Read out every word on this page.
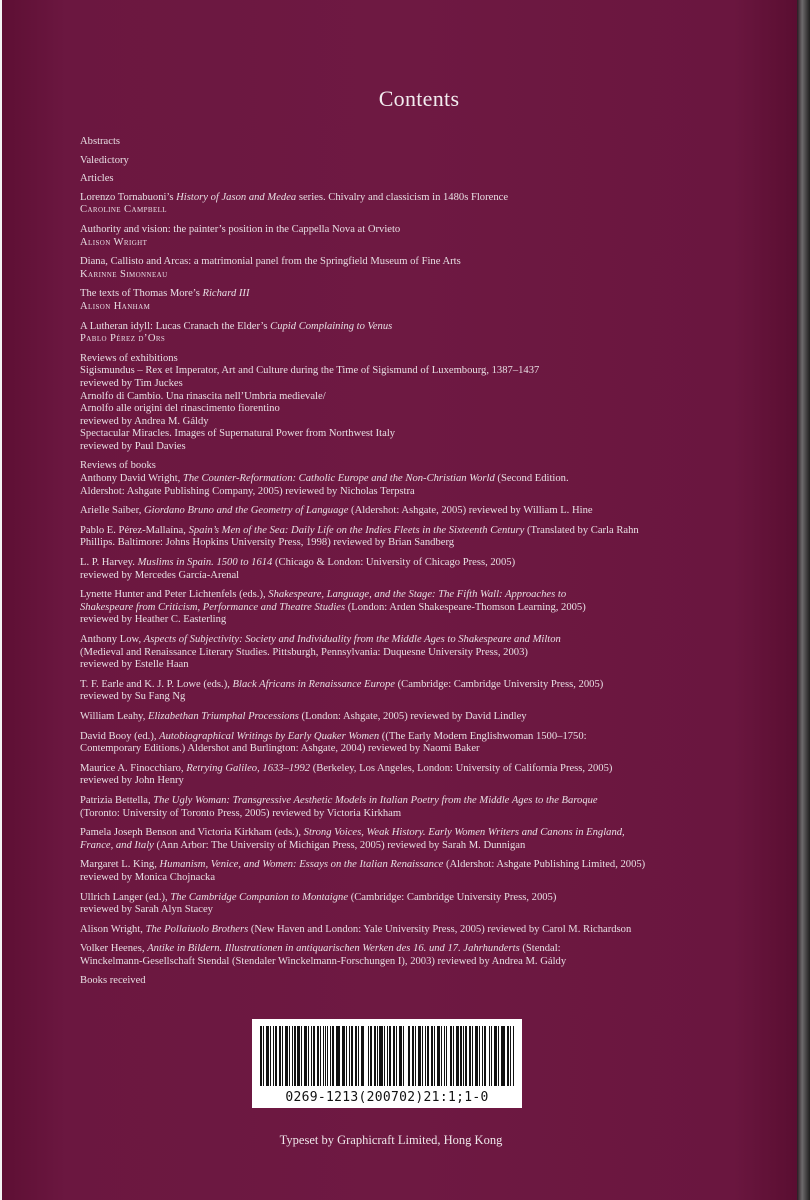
Contents
Abstracts
Valedictory
Articles
Lorenzo Tornabuoni’s History of Jason and Medea series. Chivalry and classicism in 1480s Florence
Caroline Campbell
Authority and vision: the painter’s position in the Cappella Nova at Orvieto
Alison Wright
Diana, Callisto and Arcas: a matrimonial panel from the Springfield Museum of Fine Arts
Karinne Simonneau
The texts of Thomas More’s Richard III
Alison Hanham
A Lutheran idyll: Lucas Cranach the Elder’s Cupid Complaining to Venus
Pablo Pérez d’Ors
Reviews of exhibitions
Sigismundus – Rex et Imperator, Art and Culture during the Time of Sigismund of Luxembourg, 1387–1437
reviewed by Tim Juckes
Arnolfo di Cambio. Una rinascita nell’Umbria medievale/
Arnolfo alle origini del rinascimento fiorentino
reviewed by Andrea M. Gáldy
Spectacular Miracles. Images of Supernatural Power from Northwest Italy
reviewed by Paul Davies
Reviews of books
Anthony David Wright, The Counter-Reformation: Catholic Europe and the Non-Christian World (Second Edition.
Aldershot: Ashgate Publishing Company, 2005) reviewed by Nicholas Terpstra
Arielle Saiber, Giordano Bruno and the Geometry of Language (Aldershot: Ashgate, 2005) reviewed by William L. Hine
Pablo E. Pérez-Mallaína, Spain’s Men of the Sea: Daily Life on the Indies Fleets in the Sixteenth Century (Translated by Carla Rahn
Phillips. Baltimore: Johns Hopkins University Press, 1998) reviewed by Brian Sandberg
L. P. Harvey. Muslims in Spain. 1500 to 1614 (Chicago & London: University of Chicago Press, 2005)
reviewed by Mercedes García-Arenal
Lynette Hunter and Peter Lichtenfels (eds.), Shakespeare, Language, and the Stage: The Fifth Wall: Approaches to
Shakespeare from Criticism, Performance and Theatre Studies (London: Arden Shakespeare-Thomson Learning, 2005)
reviewed by Heather C. Easterling
Anthony Low, Aspects of Subjectivity: Society and Individuality from the Middle Ages to Shakespeare and Milton
(Medieval and Renaissance Literary Studies. Pittsburgh, Pennsylvania: Duquesne University Press, 2003)
reviewed by Estelle Haan
T. F. Earle and K. J. P. Lowe (eds.), Black Africans in Renaissance Europe (Cambridge: Cambridge University Press, 2005)
reviewed by Su Fang Ng
William Leahy, Elizabethan Triumphal Processions (London: Ashgate, 2005) reviewed by David Lindley
David Booy (ed.), Autobiographical Writings by Early Quaker Women ((The Early Modern Englishwoman 1500–1750:
Contemporary Editions.) Aldershot and Burlington: Ashgate, 2004) reviewed by Naomi Baker
Maurice A. Finocchiaro, Retrying Galileo, 1633–1992 (Berkeley, Los Angeles, London: University of California Press, 2005)
reviewed by John Henry
Patrizia Bettella, The Ugly Woman: Transgressive Aesthetic Models in Italian Poetry from the Middle Ages to the Baroque
(Toronto: University of Toronto Press, 2005) reviewed by Victoria Kirkham
Pamela Joseph Benson and Victoria Kirkham (eds.), Strong Voices, Weak History. Early Women Writers and Canons in England,
France, and Italy (Ann Arbor: The University of Michigan Press, 2005) reviewed by Sarah M. Dunnigan
Margaret L. King, Humanism, Venice, and Women: Essays on the Italian Renaissance (Aldershot: Ashgate Publishing Limited, 2005)
reviewed by Monica Chojnacka
Ullrich Langer (ed.), The Cambridge Companion to Montaigne (Cambridge: Cambridge University Press, 2005)
reviewed by Sarah Alyn Stacey
Alison Wright, The Pollaiuolo Brothers (New Haven and London: Yale University Press, 2005) reviewed by Carol M. Richardson
Volker Heenes, Antike in Bildern. Illustrationen in antiquarischen Werken des 16. und 17. Jahrhunderts (Stendal:
Winckelmann-Gesellschaft Stendal (Stendaler Winckelmann-Forschungen I), 2003) reviewed by Andrea M. Gáldy
Books received
0269-1213(200702)21:1;1-0
Typeset by Graphicraft Limited, Hong Kong
